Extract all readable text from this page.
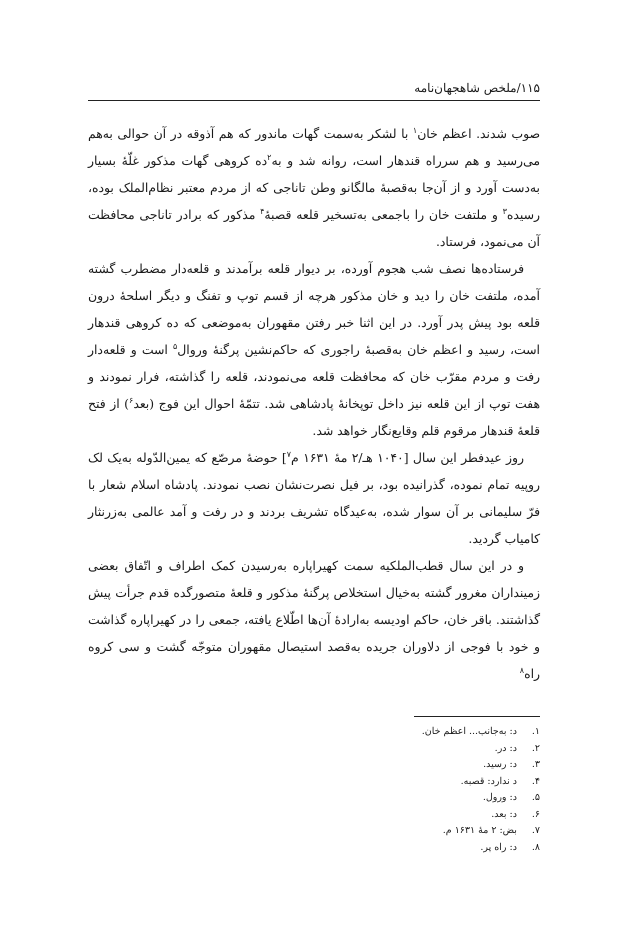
۱۱۵/ملخص شاهجهان‌نامه

صوب شدند. اعظم خان$^۱$ با لشکر به‌سمت گهات ماندور که هم آذوقه در آن حوالی به‌هم می‌رسید و هم سرراه قندهار است، روانه شد و به$^۲$ده کروهی گهات مذکور غلّهٔ بسیار به‌دست آورد و از آن‌جا به‌قصبهٔ مالگانو وطن تاناجی که از مردم معتبر نظام‌الملک بوده، رسیده$^۳$ و ملتفت خان را باجمعی به‌تسخیر قلعه قصبهٔ$^۴$ مذکور که برادر تاناجی محافظت آن می‌نمود، فرستاد.

فرستاده‌ها نصف شب هجوم آورده، بر دیوار قلعه برآمدند و قلعه‌دار مضطرب گشته آمده، ملتفت خان را دید و خان مذکور هرچه از قسم توپ و تفنگ و دیگر اسلحهٔ درون قلعه بود پیش پدر آورد. در این اثنا خبر رفتن مقهوران به‌موضعی که ده کروهی قندهار است، رسید و اعظم خان به‌قصبهٔ راجوری که حاکم‌نشین پرگنهٔ وروال$^۵$ است و قلعه‌دار رفت و مردم مقرّب خان که محافظت قلعه می‌نمودند، قلعه را گذاشته، فرار نمودند و هفت توپ از این قلعه نیز داخل توپخانهٔ پادشاهی شد. تتمّهٔ احوال این فوج (بعد$^۶$) از فتح قلعهٔ قندهار مرقوم قلم وقایع‌نگار خواهد شد.

روز عیدفطر این سال [۱۰۴۰ هـ/۲ مهٔ ۱۶۳۱ م$^۷$] حوضهٔ مرصّع که یمین‌الدّوله به‌یک لک روپیه تمام نموده، گذرانیده بود، بر فیل نصرت‌نشان نصب نمودند. پادشاه اسلام شعار با فرّ سلیمانی بر آن سوار شده، به‌عیدگاه تشریف بردند و در رفت و آمد عالمی به‌زرنثار کامیاب گردید.

و در این سال قطب‌الملکیه سمت کهیراپاره به‌رسیدن کمک اطراف و اتّفاق بعضی زمینداران مغرور گشته به‌خیال استخلاص پرگنهٔ مذکور و قلعهٔ متصورگده قدم جرأت پیش گذاشتند. باقر خان، حاکم اودیسه به‌ارادهٔ آن‌ها اطّلاع یافته، جمعی را در کهیراپاره گذاشت و خود با فوجی از دلاوران جریده به‌قصد استیصال مقهوران متوجّه گشت و سی کروه راه$^۸$

۱. د: به‌جانب... اعظم خان.
۲. د: در.
۳. د: رسید.
۴. د ندارد: قصبه.
۵. د: ورول.
۶. د: بعد.
۷. بض: ۲ مهٔ ۱۶۳۱ م.
۸. د: راه پر.
